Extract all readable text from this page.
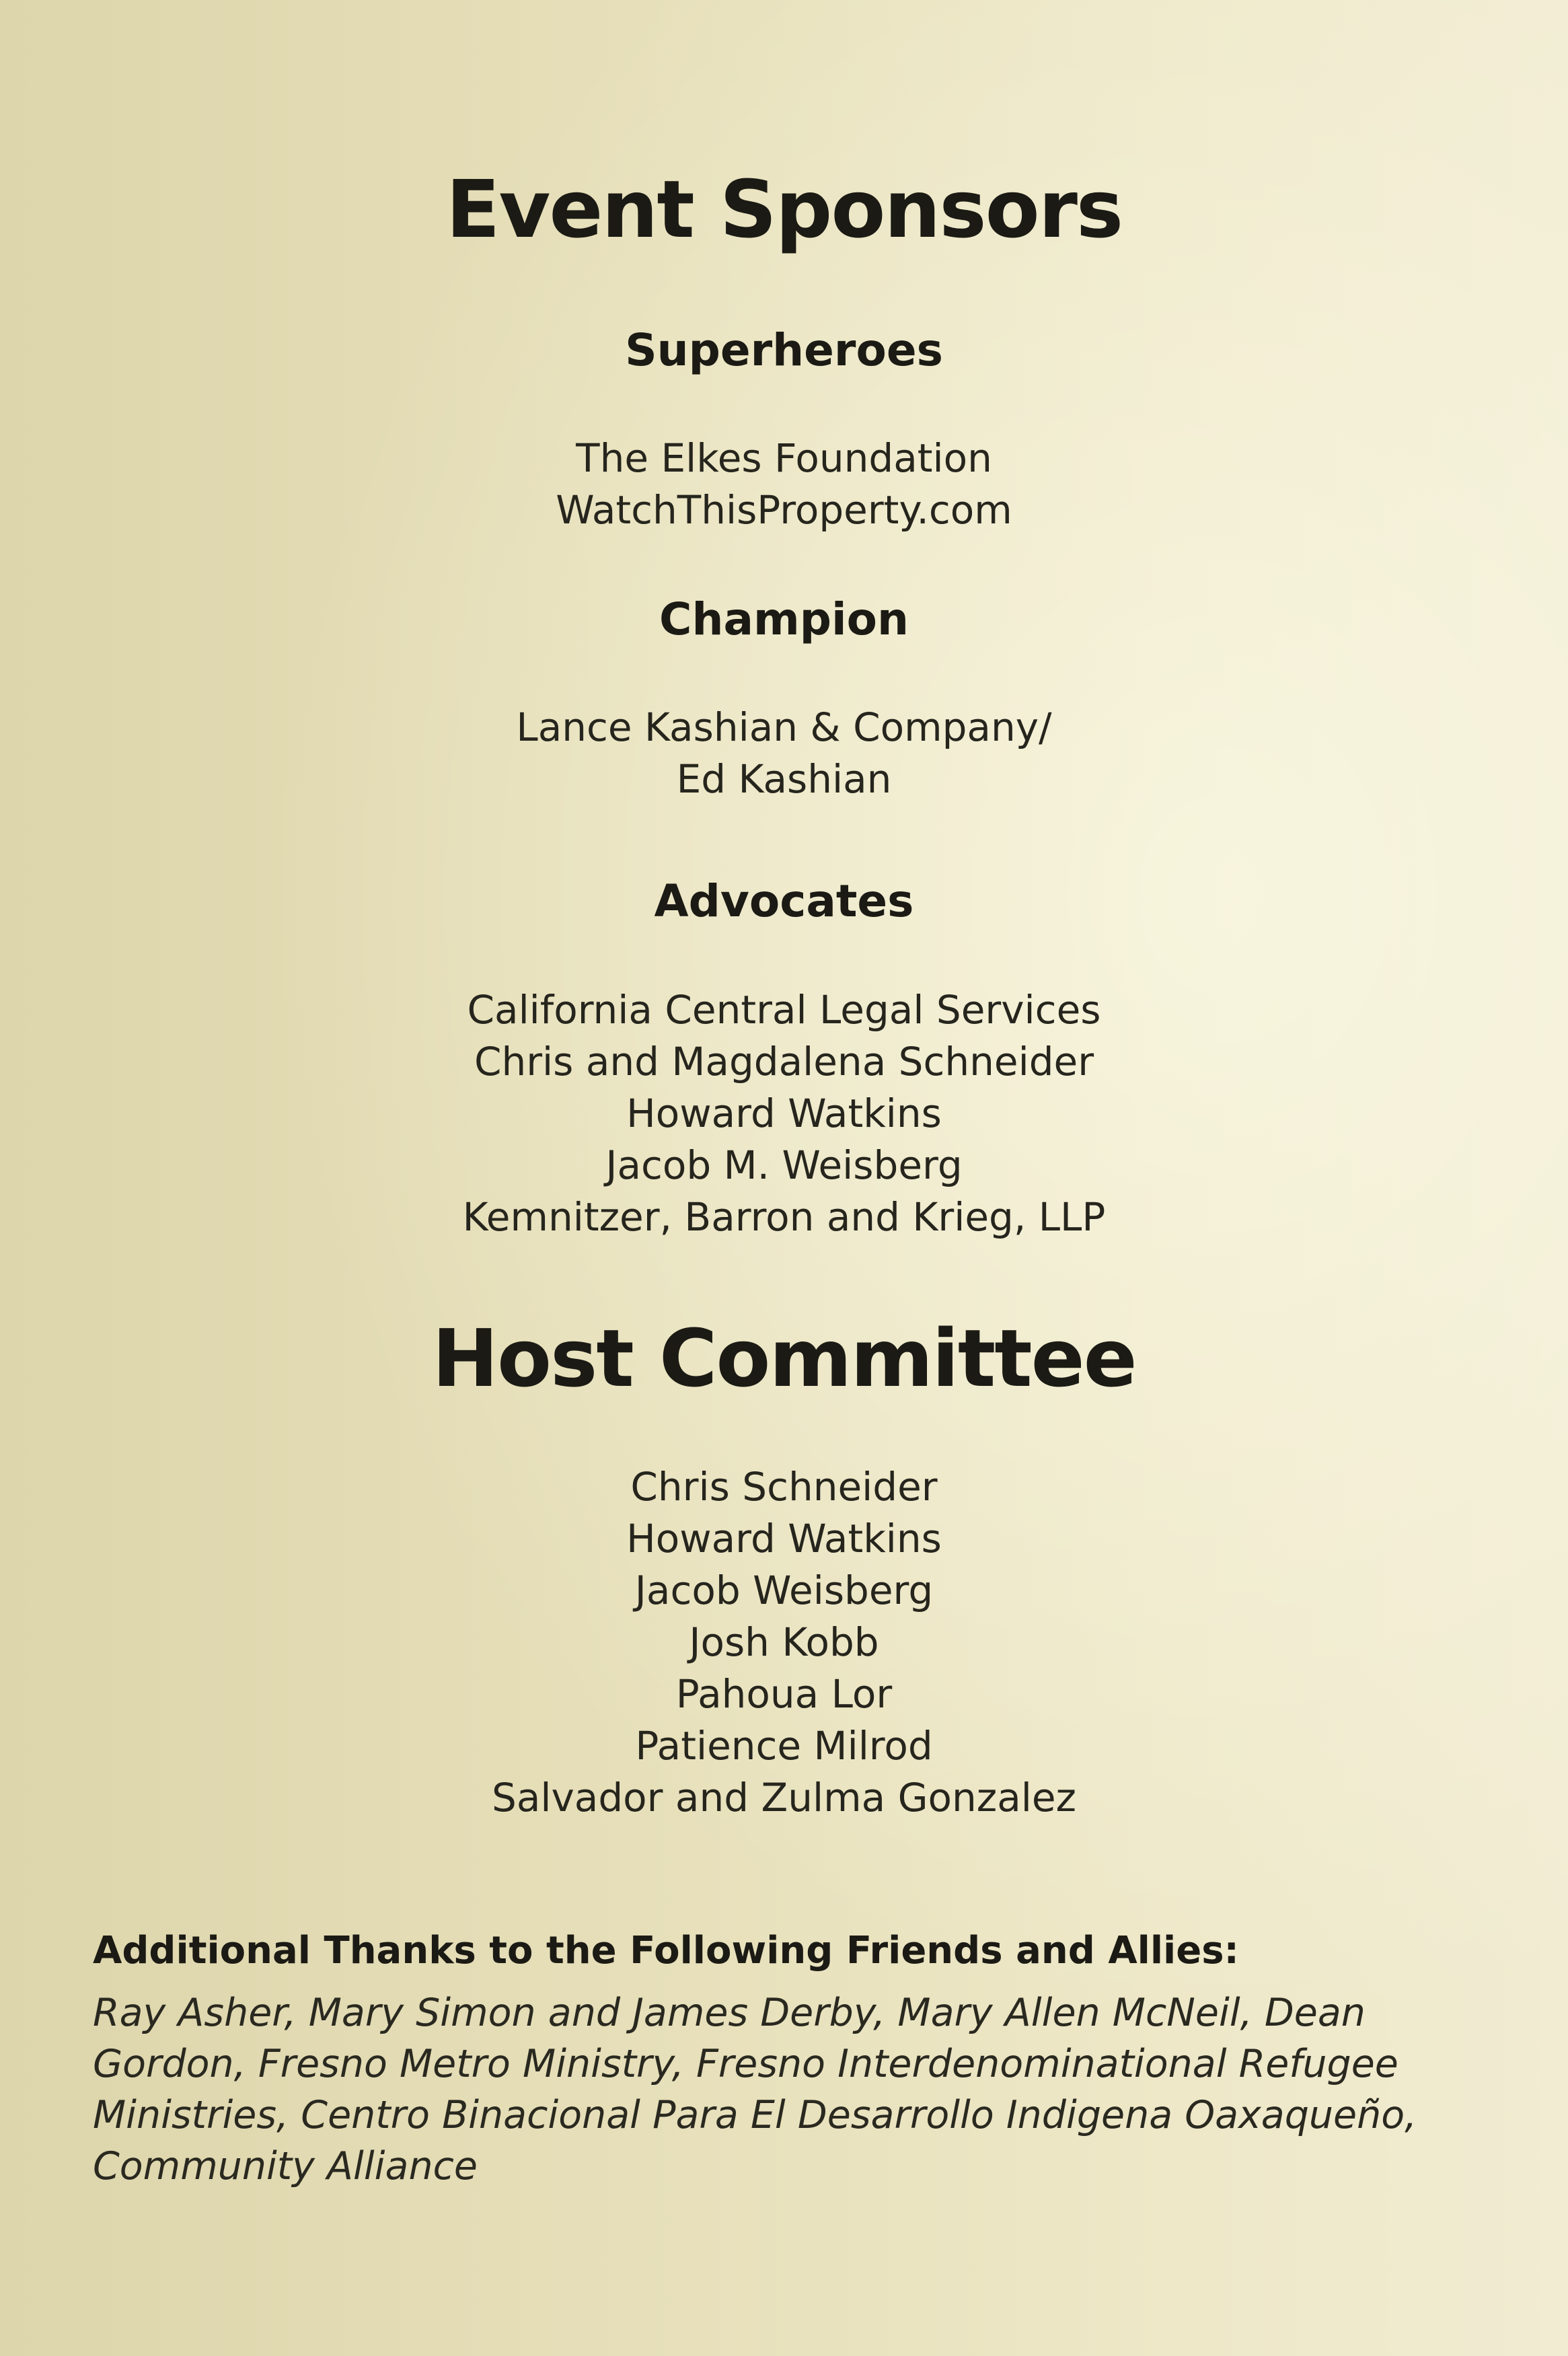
Event Sponsors
Superheroes
The Elkes Foundation
WatchThisProperty.com
Champion
Lance Kashian & Company/
Ed Kashian
Advocates
California Central Legal Services
Chris and Magdalena Schneider
Howard Watkins
Jacob M. Weisberg
Kemnitzer, Barron and Krieg, LLP
Host Committee
Chris Schneider
Howard Watkins
Jacob Weisberg
Josh Kobb
Pahoua Lor
Patience Milrod
Salvador and Zulma Gonzalez
Additional Thanks to the Following Friends and Allies:
Ray Asher, Mary Simon and James Derby, Mary Allen McNeil, Dean Gordon, Fresno Metro Ministry, Fresno Interdenominational Refugee Ministries, Centro Binacional Para El Desarrollo Indigena Oaxaqueño, Community Alliance
